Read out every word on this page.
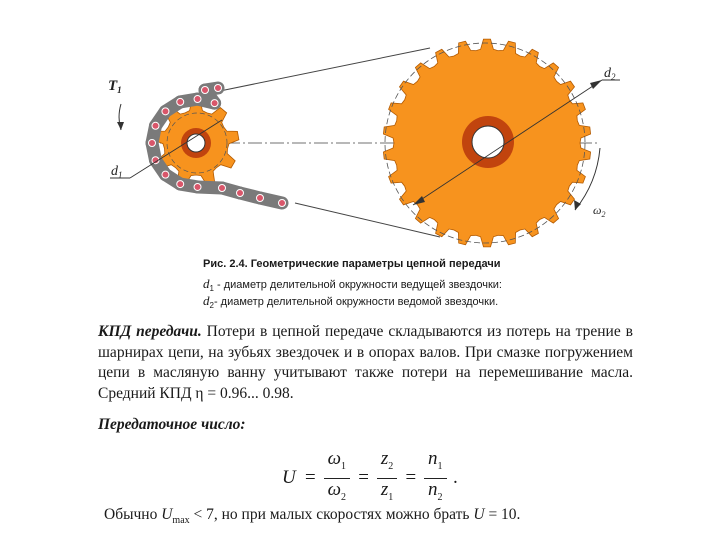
$d_2$
$\omega_2$
$T_1$
$d_1$
Рис. 2.4. Геометрические параметры цепной передачи
$d_1$ - диаметр делительной окружности ведущей звездочки:
$d_2-$ диаметр делительной окружности ведомой звездочки.
КПД передачи. Потери в цепной передаче складываются из потерь на трение в шарнирах цепи, на зубьях звездочек и в опорах валов. При смазке погружением цепи в масляную ванну учитывают также потери на перемешивание масла. Средний КПД η = 0.96... 0.98.
Передаточное число:
$U = \frac{\omega_1}{\omega_2} = \frac{z_2}{z_1} = \frac{n_1}{n_2}$ .
Обычно $U_{max} < 7$, но при малых скоростях можно брать U = 10.
